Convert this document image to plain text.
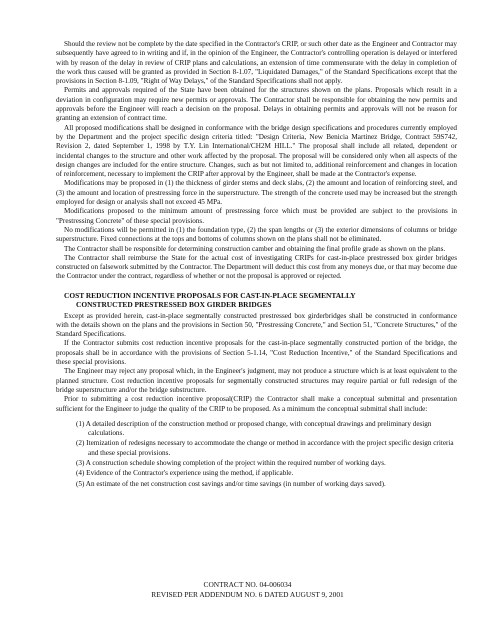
Should the review not be complete by the date specified in the Contractor's CRIP, or such other date as the Engineer and Contractor may subsequently have agreed to in writing and if, in the opinion of the Engineer, the Contractor's controlling operation is delayed or interfered with by reason of the delay in review of CRIP plans and calculations, an extension of time commensurate with the delay in completion of the work thus caused will be granted as provided in Section 8-1.07, "Liquidated Damages," of the Standard Specifications except that the provisions in Section 8-1.09, "Right of Way Delays," of the Standard Specifications shall not apply.

Permits and approvals required of the State have been obtained for the structures shown on the plans. Proposals which result in a deviation in configuration may require new permits or approvals. The Contractor shall be responsible for obtaining the new permits and approvals before the Engineer will reach a decision on the proposal. Delays in obtaining permits and approvals will not be reason for granting an extension of contract time.

All proposed modifications shall be designed in conformance with the bridge design specifications and procedures currently employed by the Department and the project specific design criteria titled: "Design Criteria, New Benicia Martinez Bridge, Contract 59S742, Revision 2, dated September 1, 1998 by T.Y. Lin International/CH2M HILL." The proposal shall include all related, dependent or incidental changes to the structure and other work affected by the proposal. The proposal will be considered only when all aspects of the design changes are included for the entire structure. Changes, such as but not limited to, additional reinforcement and changes in location of reinforcement, necessary to implement the CRIP after approval by the Engineer, shall be made at the Contractor's expense.

Modifications may be proposed in (1) the thickness of girder stems and deck slabs, (2) the amount and location of reinforcing steel, and (3) the amount and location of prestressing force in the superstructure. The strength of the concrete used may be increased but the strength employed for design or analysis shall not exceed 45 MPa.

Modifications proposed to the minimum amount of prestressing force which must be provided are subject to the provisions in "Prestressing Concrete" of these special provisions.

No modifications will be permitted in (1) the foundation type, (2) the span lengths or (3) the exterior dimensions of columns or bridge superstructure. Fixed connections at the tops and bottoms of columns shown on the plans shall not be eliminated.

The Contractor shall be responsible for determining construction camber and obtaining the final profile grade as shown on the plans.

The Contractor shall reimburse the State for the actual cost of investigating CRIPs for cast-in-place prestressed box girder bridges constructed on falsework submitted by the Contractor. The Department will deduct this cost from any moneys due, or that may become due the Contractor under the contract, regardless of whether or not the proposal is approved or rejected.

COST REDUCTION INCENTIVE PROPOSALS FOR CAST-IN-PLACE SEGMENTALLY
CONSTRUCTED PRESTRESSED BOX GIRDER BRIDGES

Except as provided herein, cast-in-place segmentally constructed prestressed box girderbridges shall be constructed in conformance with the details shown on the plans and the provisions in Section 50, "Prestressing Concrete," and Section 51, "Concrete Structures," of the Standard Specifications.

If the Contractor submits cost reduction incentive proposals for the cast-in-place segmentally constructed portion of the bridge, the proposals shall be in accordance with the provisions of Section 5-1.14, "Cost Reduction Incentive," of the Standard Specifications and these special provisions.

The Engineer may reject any proposal which, in the Engineer's judgment, may not produce a structure which is at least equivalent to the planned structure. Cost reduction incentive proposals for segmentally constructed structures may require partial or full redesign of the bridge superstructure and/or the bridge substructure.

Prior to submitting a cost reduction incentive proposal(CRIP) the Contractor shall make a conceptual submittal and presentation sufficient for the Engineer to judge the quality of the CRIP to be proposed. As a minimum the conceptual submittal shall include:

(1) A detailed description of the construction method or proposed change, with conceptual drawings and preliminary design calculations.
(2) Itemization of redesigns necessary to accommodate the change or method in accordance with the project specific design criteria and these special provisions.
(3) A construction schedule showing completion of the project within the required number of working days.
(4) Evidence of the Contractor's experience using the method, if applicable.
(5) An estimate of the net construction cost savings and/or time savings (in number of working days saved).
CONTRACT NO. 04-006034
REVISED PER ADDENDUM NO. 6 DATED AUGUST 9, 2001
